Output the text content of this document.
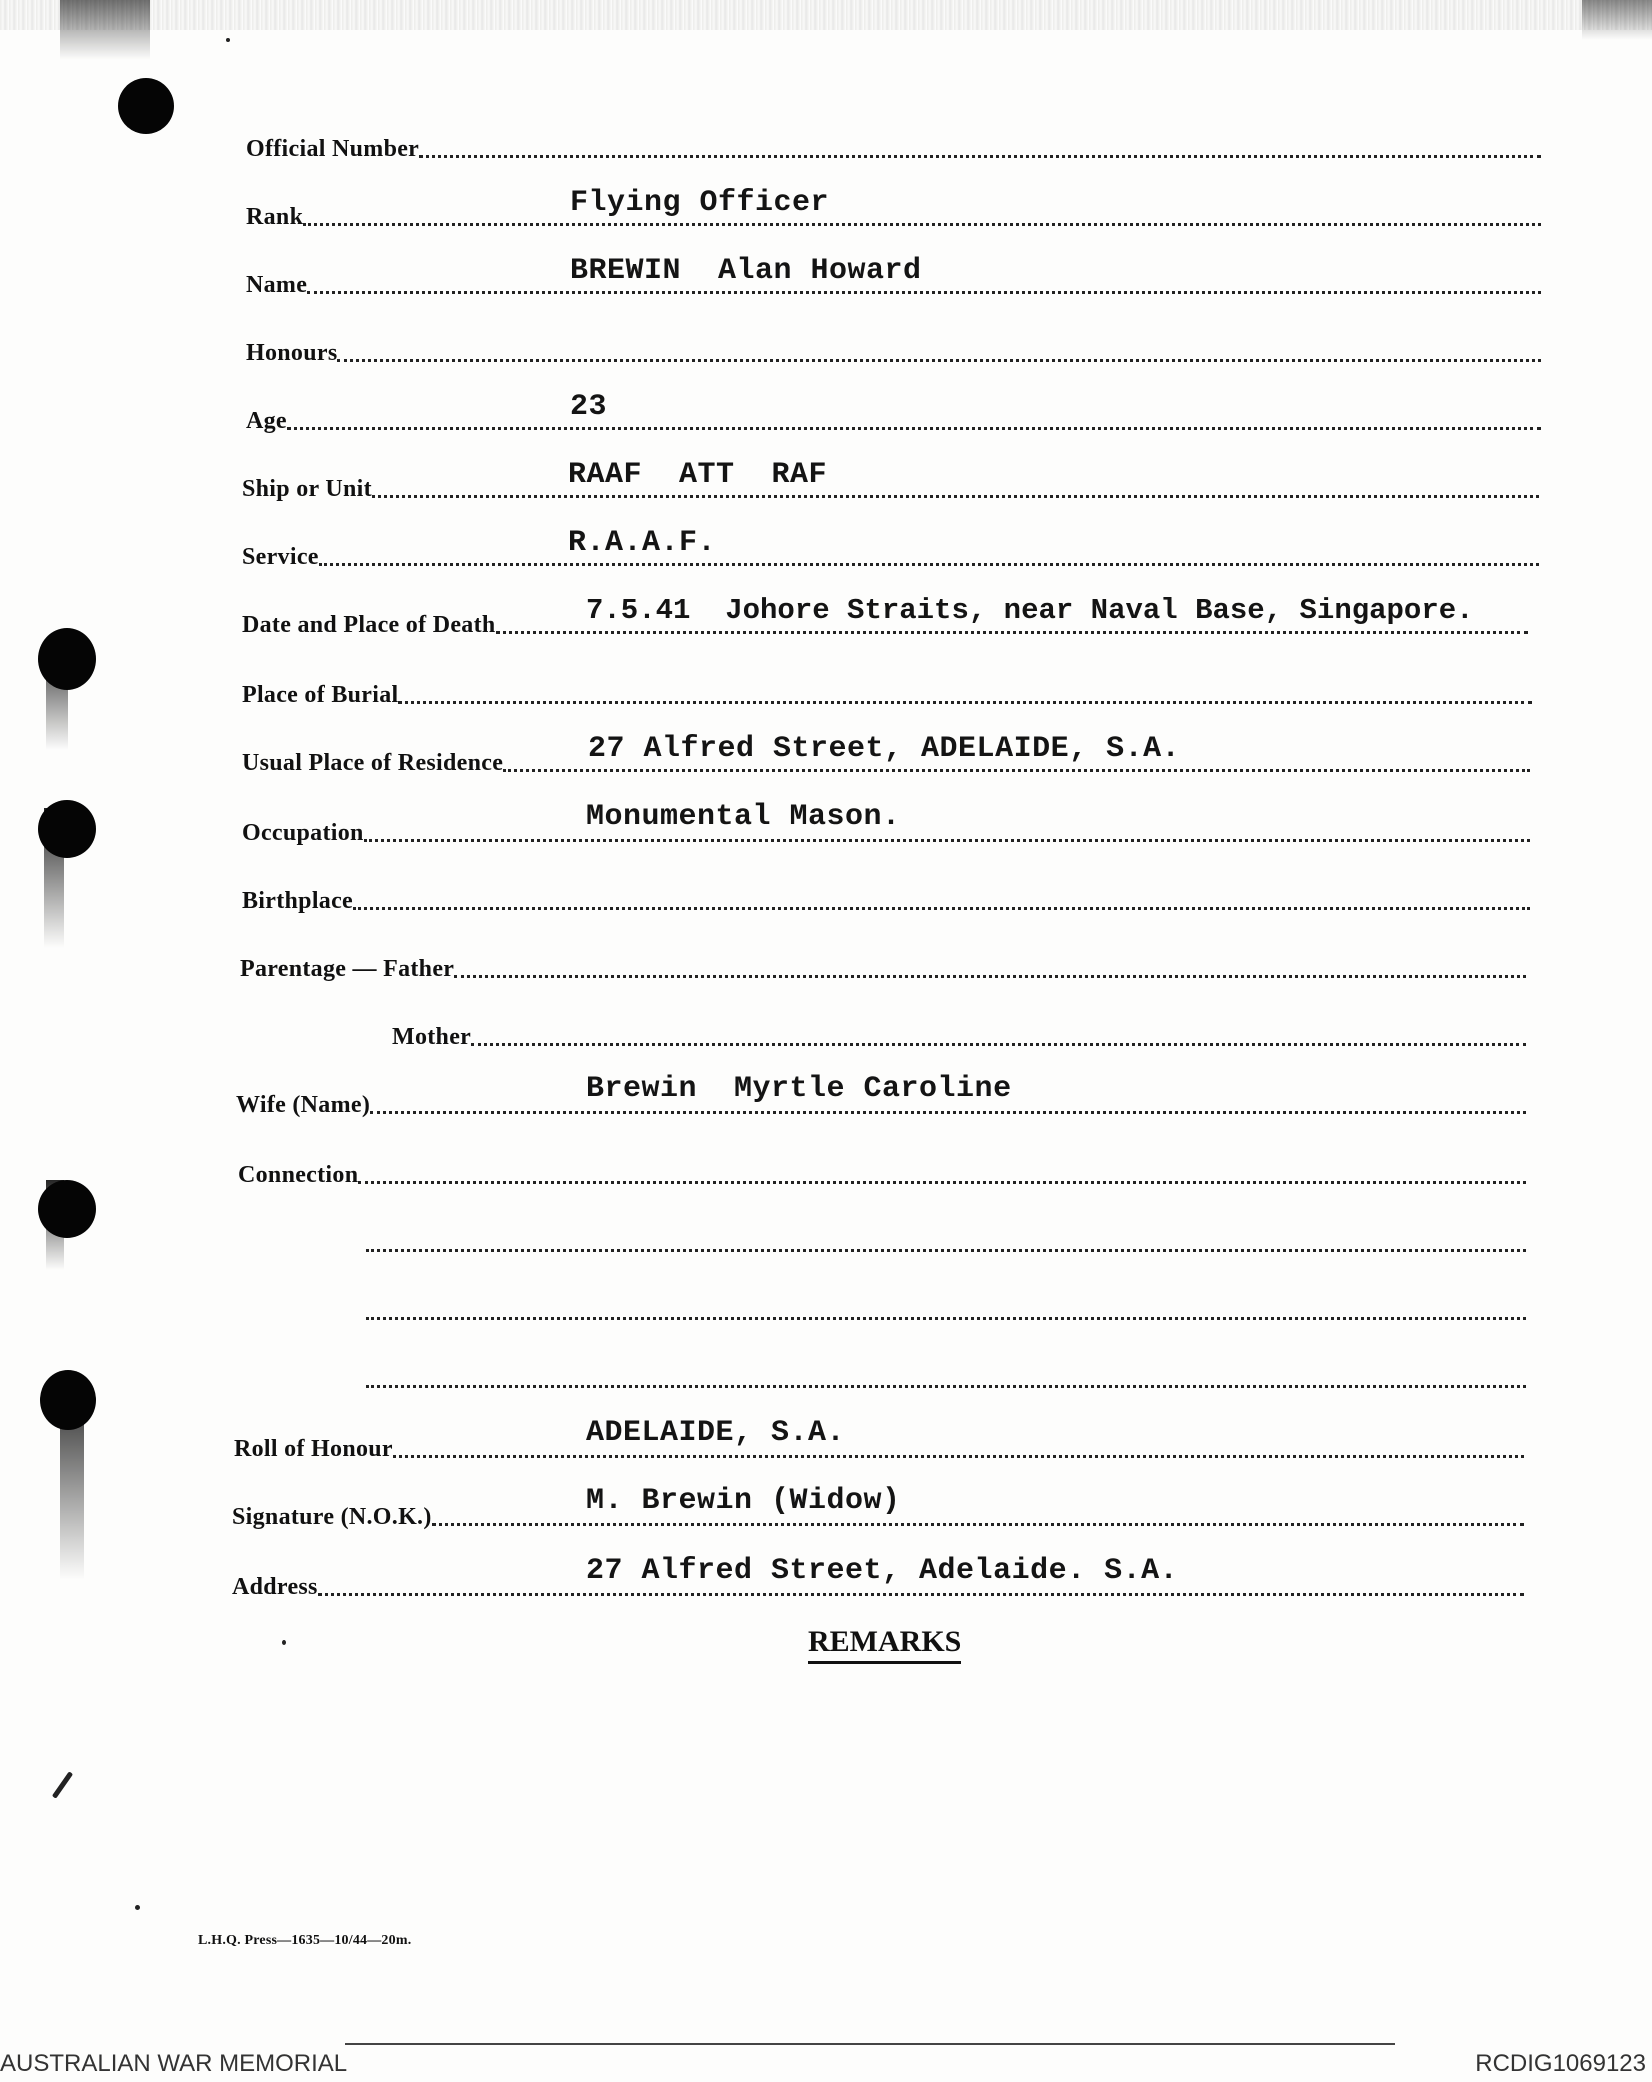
Official Number
Rank	Flying Officer
Name	BREWIN  Alan Howard
Honours
Age	23
Ship or Unit	RAAF  ATT  RAF
Service	R.A.A.F.
Date and Place of Death	7.5.41  Johore Straits, near Naval Base, Singapore.
Place of Burial
Usual Place of Residence	27 Alfred Street, ADELAIDE, S.A.
Occupation	Monumental Mason.
Birthplace
Parentage — Father
Mother
Wife (Name)	Brewin  Myrtle Caroline
Connection
Roll of Honour	ADELAIDE, S.A.
Signature (N.O.K.)	M. Brewin (Widow)
Address	27 Alfred Street, Adelaide. S.A.
REMARKS
L.H.Q. Press—1635—10/44—20m.
AUSTRALIAN WAR MEMORIAL	RCDIG1069123
